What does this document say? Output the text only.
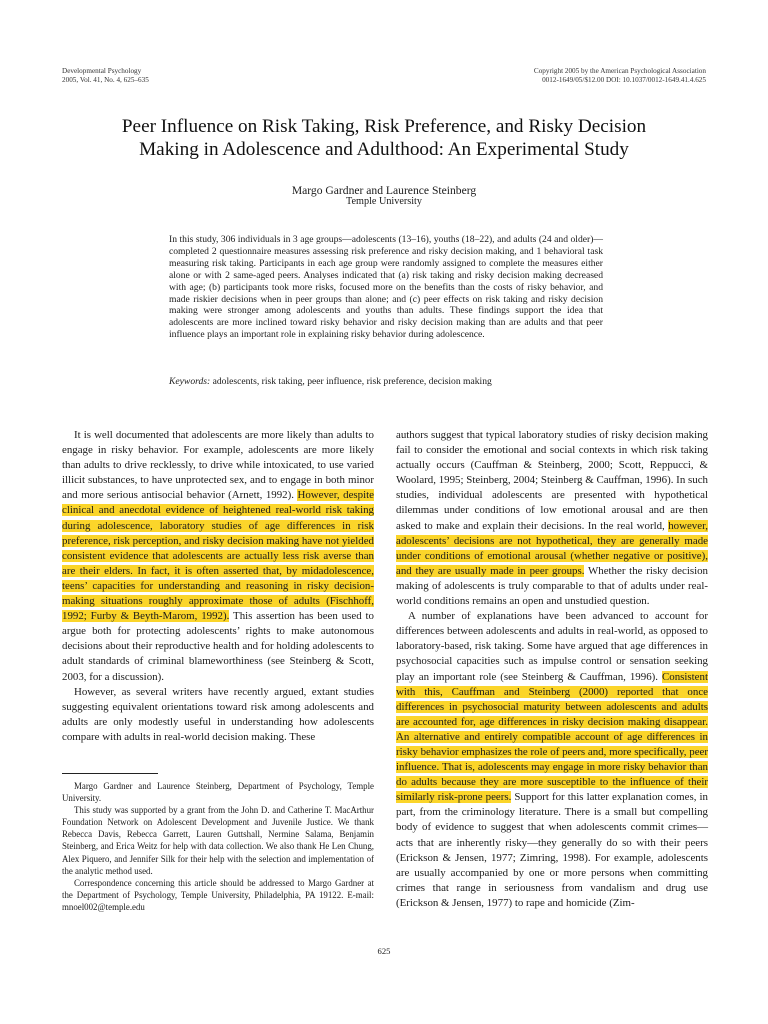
Developmental Psychology
2005, Vol. 41, No. 4, 625–635
Copyright 2005 by the American Psychological Association
0012-1649/05/$12.00 DOI: 10.1037/0012-1649.41.4.625
Peer Influence on Risk Taking, Risk Preference, and Risky Decision
Making in Adolescence and Adulthood: An Experimental Study
Margo Gardner and Laurence Steinberg
Temple University
In this study, 306 individuals in 3 age groups—adolescents (13–16), youths (18–22), and adults (24 and older)—completed 2 questionnaire measures assessing risk preference and risky decision making, and 1 behavioral task measuring risk taking. Participants in each age group were randomly assigned to complete the measures either alone or with 2 same-aged peers. Analyses indicated that (a) risk taking and risky decision making decreased with age; (b) participants took more risks, focused more on the benefits than the costs of risky behavior, and made riskier decisions when in peer groups than alone; and (c) peer effects on risk taking and risky decision making were stronger among adolescents and youths than adults. These findings support the idea that adolescents are more inclined toward risky behavior and risky decision making than are adults and that peer influence plays an important role in explaining risky behavior during adolescence.
Keywords: adolescents, risk taking, peer influence, risk preference, decision making

It is well documented that adolescents are more likely than adults to engage in risky behavior. For example, adolescents are more likely than adults to drive recklessly, to drive while intoxicated, to use varied illicit substances, to have unprotected sex, and to engage in both minor and more serious antisocial behavior (Arnett, 1992). However, despite clinical and anecdotal evidence of heightened real-world risk taking during adolescence, laboratory studies of age differences in risk preference, risk perception, and risky decision making have not yielded consistent evidence that adolescents are actually less risk averse than are their elders. In fact, it is often asserted that, by midadolescence, teens’ capacities for understanding and reasoning in risky decision-making situations roughly approximate those of adults (Fischhoff, 1992; Furby & Beyth-Marom, 1992). This assertion has been used to argue both for protecting adolescents’ rights to make autonomous decisions about their reproductive health and for holding adolescents to adult standards of criminal blameworthiness (see Steinberg & Scott, 2003, for a discussion).

However, as several writers have recently argued, extant studies suggesting equivalent orientations toward risk among adolescents and adults are only modestly useful in understanding how adolescents compare with adults in real-world decision making. These

authors suggest that typical laboratory studies of risky decision making fail to consider the emotional and social contexts in which risk taking actually occurs (Cauffman & Steinberg, 2000; Scott, Reppucci, & Woolard, 1995; Steinberg, 2004; Steinberg & Cauffman, 1996). In such studies, individual adolescents are presented with hypothetical dilemmas under conditions of low emotional arousal and are then asked to make and explain their decisions. In the real world, however, adolescents’ decisions are not hypothetical, they are generally made under conditions of emotional arousal (whether negative or positive), and they are usually made in peer groups. Whether the risky decision making of adolescents is truly comparable to that of adults under real-world conditions remains an open and unstudied question.

A number of explanations have been advanced to account for differences between adolescents and adults in real-world, as opposed to laboratory-based, risk taking. Some have argued that age differences in psychosocial capacities such as impulse control or sensation seeking play an important role (see Steinberg & Cauffman, 1996). Consistent with this, Cauffman and Steinberg (2000) reported that once differences in psychosocial maturity between adolescents and adults are accounted for, age differences in risky decision making disappear. An alternative and entirely compatible account of age differences in risky behavior emphasizes the role of peers and, more specifically, peer influence. That is, adolescents may engage in more risky behavior than do adults because they are more susceptible to the influence of their similarly risk-prone peers. Support for this latter explanation comes, in part, from the criminology literature. There is a small but compelling body of evidence to suggest that when adolescents commit crimes—acts that are inherently risky—they generally do so with their peers (Erickson & Jensen, 1977; Zimring, 1998). For example, adolescents are usually accompanied by one or more persons when committing crimes that range in seriousness from vandalism and drug use (Erickson & Jensen, 1977) to rape and homicide (Zim-

Margo Gardner and Laurence Steinberg, Department of Psychology, Temple University.

This study was supported by a grant from the John D. and Catherine T. MacArthur Foundation Network on Adolescent Development and Juvenile Justice. We thank Rebecca Davis, Rebecca Garrett, Lauren Guttshall, Nermine Salama, Benjamin Steinberg, and Erica Weitz for help with data collection. We also thank He Len Chung, Alex Piquero, and Jennifer Silk for their help with the selection and implementation of the analytic method used.

Correspondence concerning this article should be addressed to Margo Gardner at the Department of Psychology, Temple University, Philadelphia, PA 19122. E-mail: mnoel002@temple.edu

625
